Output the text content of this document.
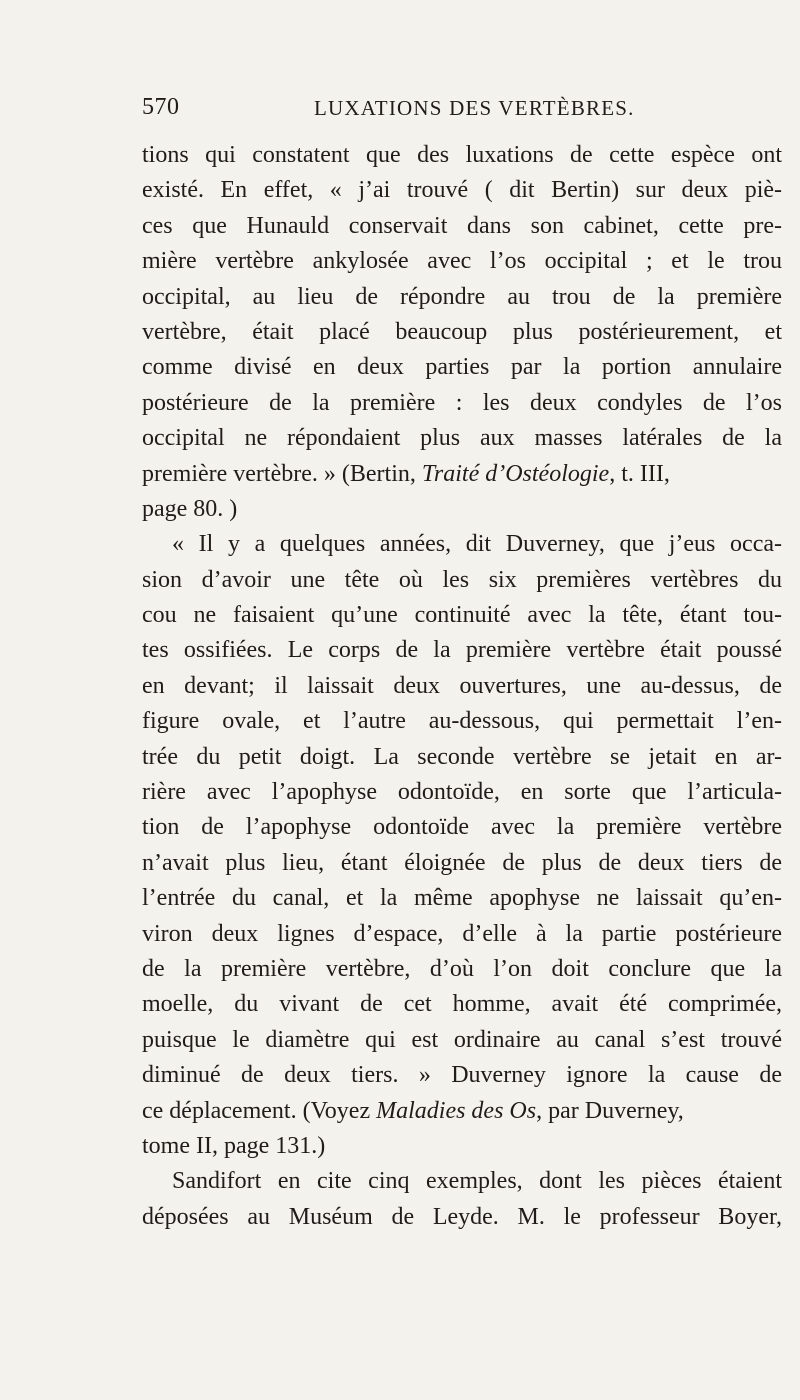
570	LUXATIONS DES VERTÈBRES.
tions qui constatent que des luxations de cette espèce ont
existé. En effet, « j’ai trouvé ( dit Bertin) sur deux piè-
ces que Hunauld conservait dans son cabinet, cette pre-
mière vertèbre ankylosée avec l’os occipital ; et le trou
occipital, au lieu de répondre au trou de la première
vertèbre, était placé beaucoup plus postérieurement, et
comme divisé en deux parties par la portion annulaire
postérieure de la première : les deux condyles de l’os
occipital ne répondaient plus aux masses latérales de la
première vertèbre. » (Bertin, Traité d’Ostéologie, t. III,
page 80. )
« Il y a quelques années, dit Duverney, que j’eus occa-
sion d’avoir une tête où les six premières vertèbres du
cou ne faisaient qu’une continuité avec la tête, étant tou-
tes ossifiées. Le corps de la première vertèbre était poussé
en devant; il laissait deux ouvertures, une au-dessus, de
figure ovale, et l’autre au-dessous, qui permettait l’en-
trée du petit doigt. La seconde vertèbre se jetait en ar-
rière avec l’apophyse odontoïde, en sorte que l’articula-
tion de l’apophyse odontoïde avec la première vertèbre
n’avait plus lieu, étant éloignée de plus de deux tiers de
l’entrée du canal, et la même apophyse ne laissait qu’en-
viron deux lignes d’espace, d’elle à la partie postérieure
de la première vertèbre, d’où l’on doit conclure que la
moelle, du vivant de cet homme, avait été comprimée,
puisque le diamètre qui est ordinaire au canal s’est trouvé
diminué de deux tiers. » Duverney ignore la cause de
ce déplacement. (Voyez Maladies des Os, par Duverney,
tome II, page 131.)
Sandifort en cite cinq exemples, dont les pièces étaient
déposées au Muséum de Leyde. M. le professeur Boyer,
